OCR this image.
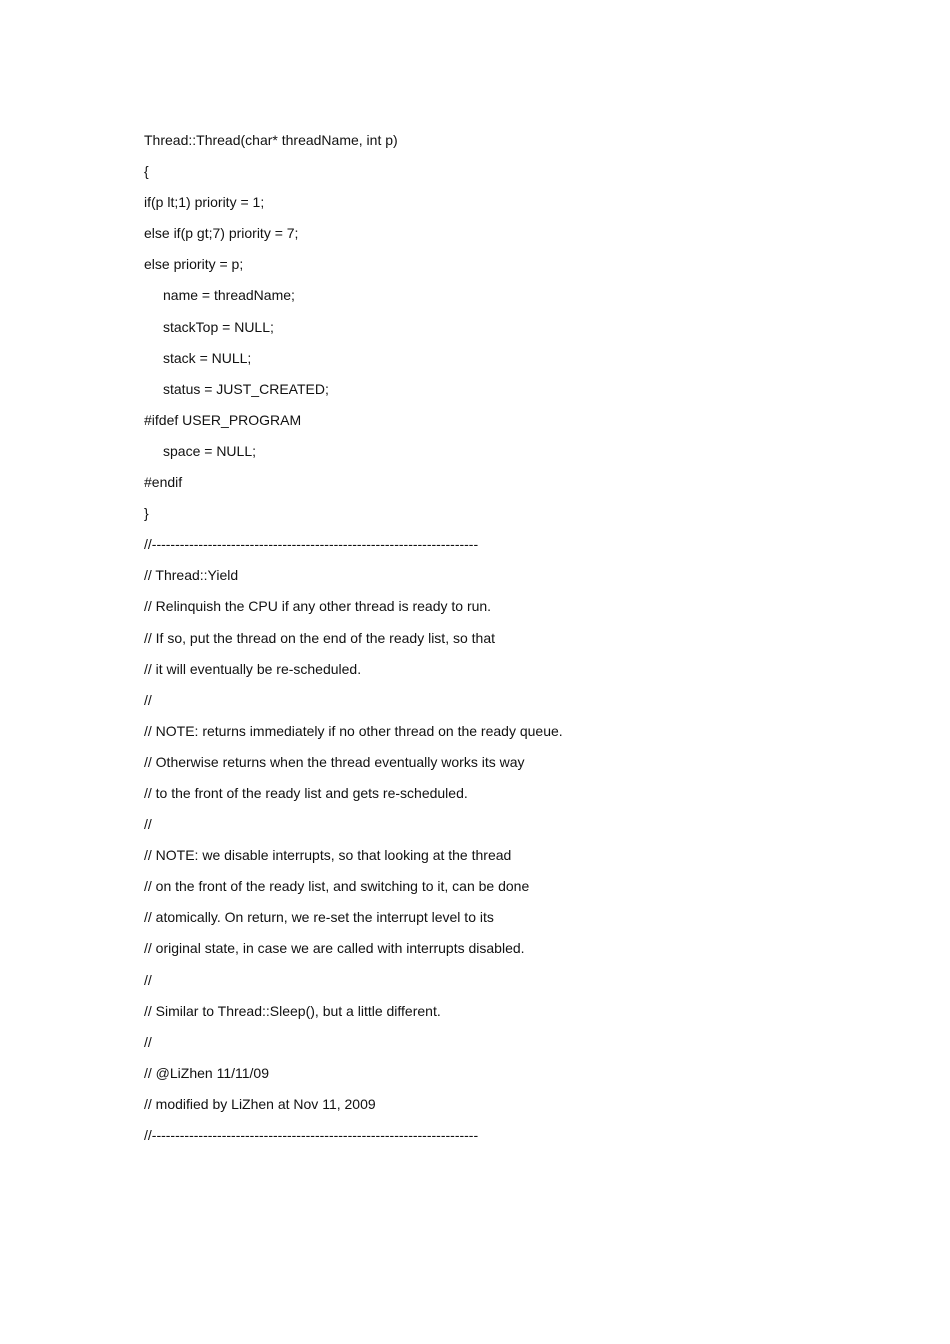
Thread::Thread(char* threadName, int p)
{
if(p lt;1) priority = 1;
else if(p gt;7) priority = 7;
else priority = p;
name = threadName;
stackTop = NULL;
stack = NULL;
status = JUST_CREATED;
#ifdef USER_PROGRAM
space = NULL;
#endif
}
//----------------------------------------------------------------------
// Thread::Yield
// Relinquish the CPU if any other thread is ready to run.
// If so, put the thread on the end of the ready list, so that
// it will eventually be re-scheduled.
//
// NOTE: returns immediately if no other thread on the ready queue.
// Otherwise returns when the thread eventually works its way
// to the front of the ready list and gets re-scheduled.
//
// NOTE: we disable interrupts, so that looking at the thread
// on the front of the ready list, and switching to it, can be done
// atomically. On return, we re-set the interrupt level to its
// original state, in case we are called with interrupts disabled.
//
// Similar to Thread::Sleep(), but a little different.
//
// @LiZhen 11/11/09
// modified by LiZhen at Nov 11, 2009
//----------------------------------------------------------------------
